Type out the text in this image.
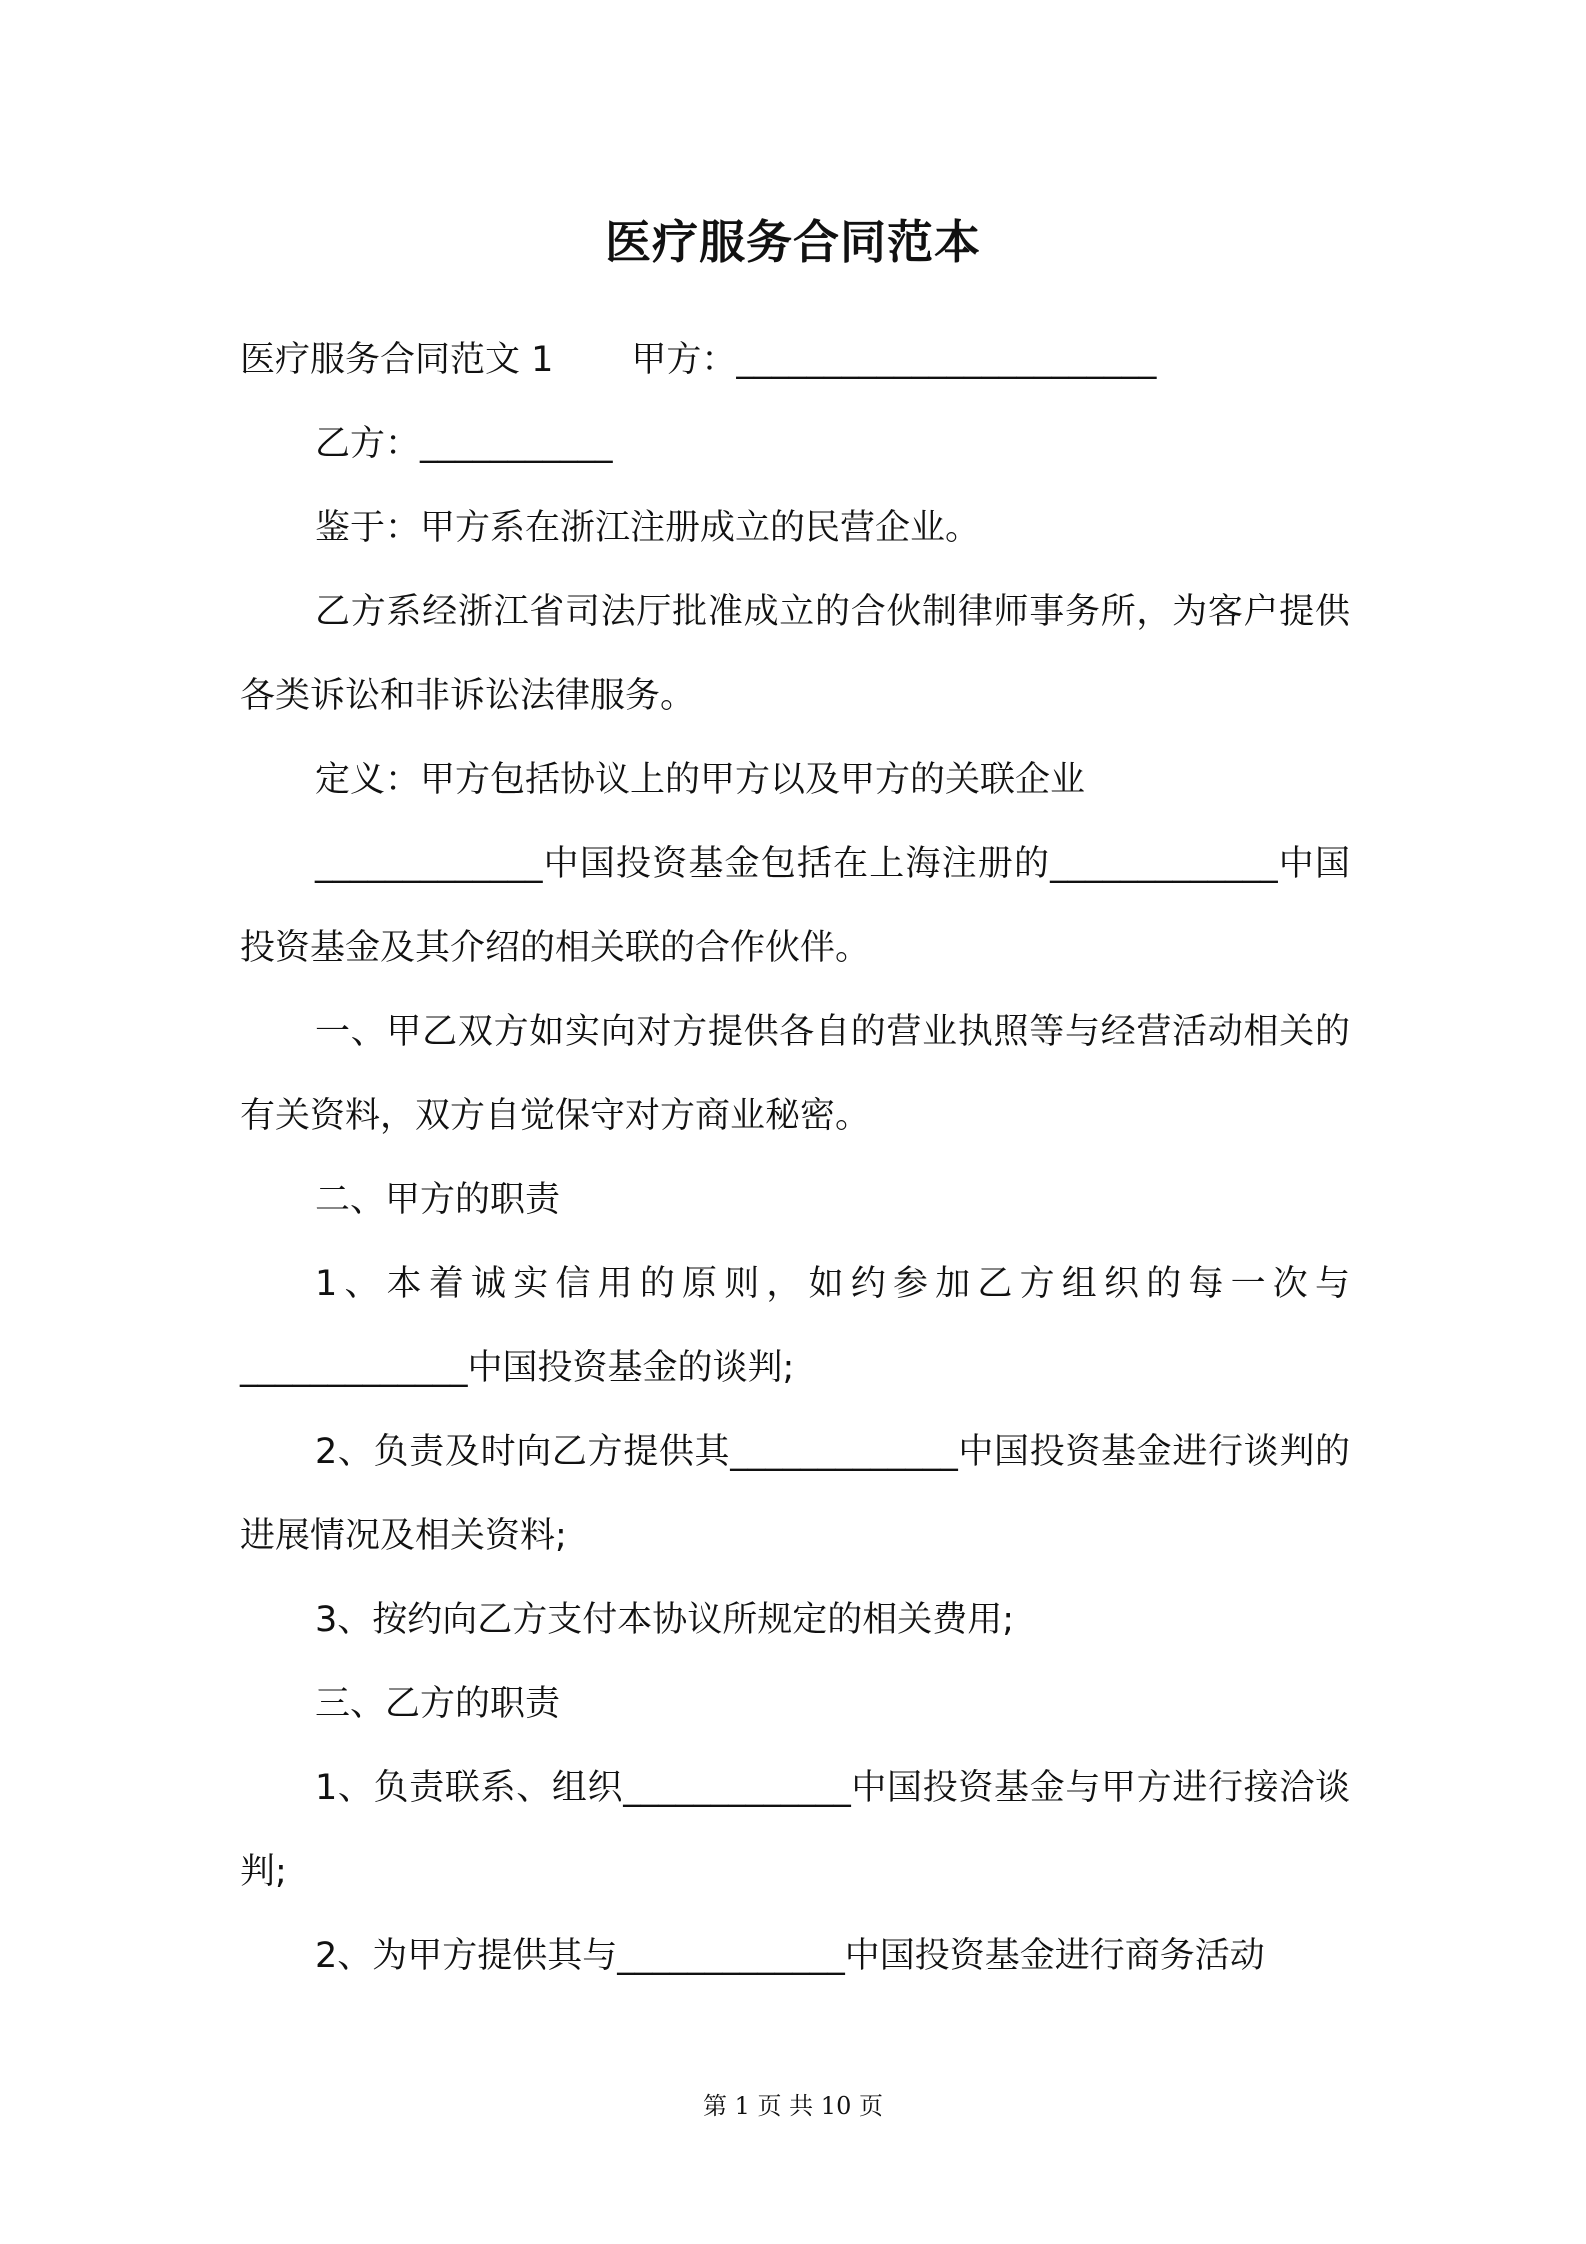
医疗服务合同范本

医疗服务合同范文 1 甲方：________________________

乙方：___________

鉴于：甲方系在浙江注册成立的民营企业。

乙方系经浙江省司法厅批准成立的合伙制律师事务所，为客户提供各类诉讼和非诉讼法律服务。

定义：甲方包括协议上的甲方以及甲方的关联企业

_____________中国投资基金包括在上海注册的_____________中国投资基金及其介绍的相关联的合作伙伴。

一、甲乙双方如实向对方提供各自的营业执照等与经营活动相关的有关资料，双方自觉保守对方商业秘密。

二、甲方的职责

1、本着诚实信用的原则，如约参加乙方组织的每一次与_____________中国投资基金的谈判;

2、负责及时向乙方提供其_____________中国投资基金进行谈判的进展情况及相关资料;

3、按约向乙方支付本协议所规定的相关费用;

三、乙方的职责

1、负责联系、组织_____________中国投资基金与甲方进行接洽谈判;

2、为甲方提供其与_____________中国投资基金进行商务活动

第 1 页 共 10 页
